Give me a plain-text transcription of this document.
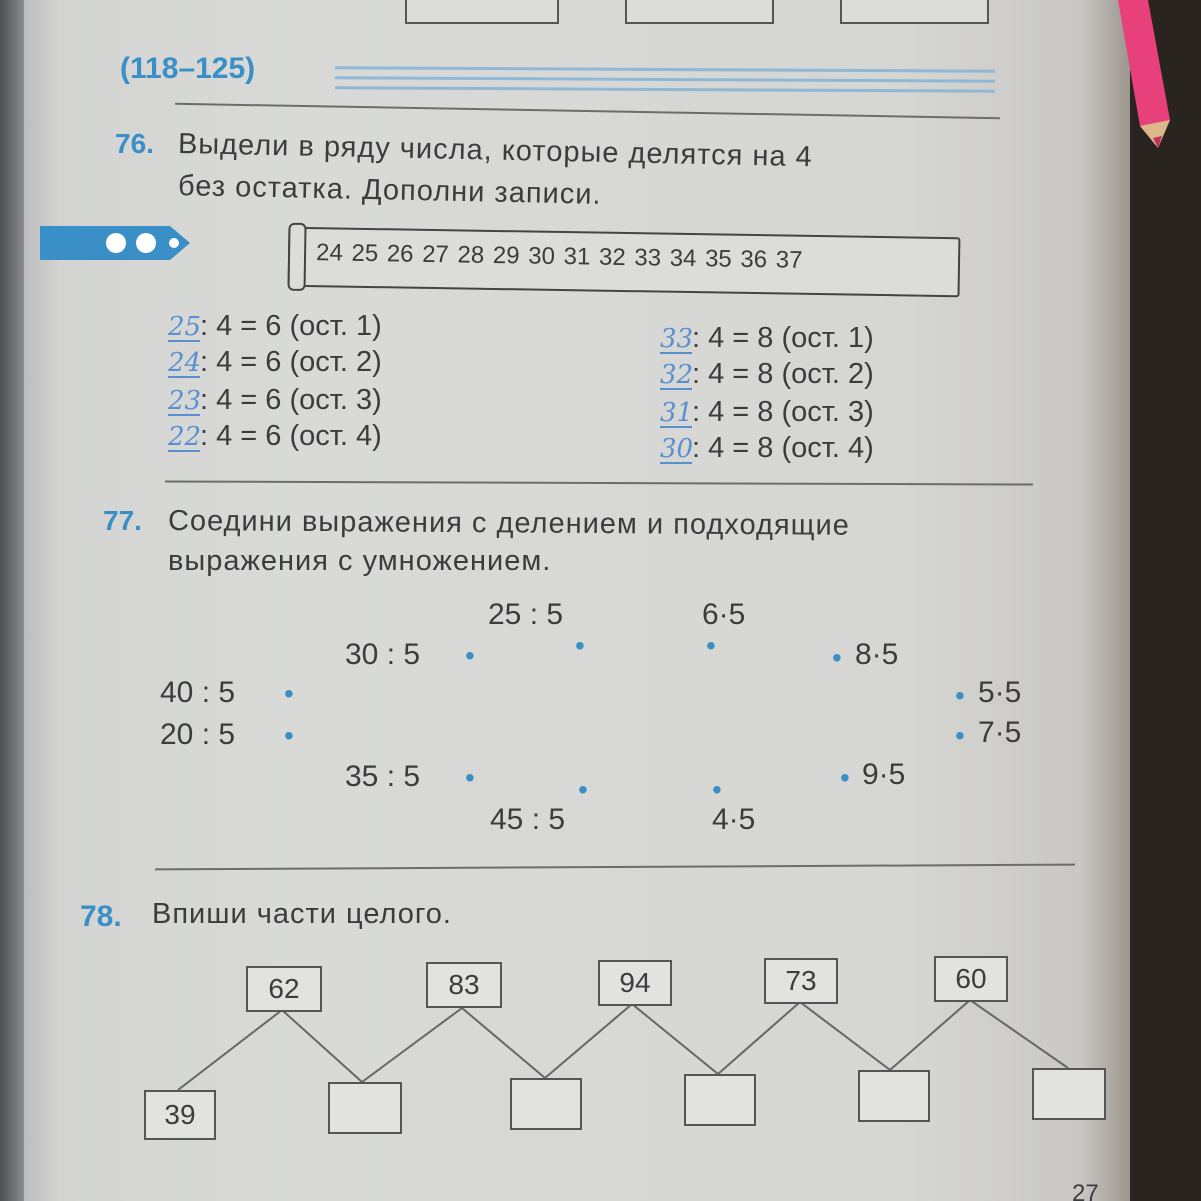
(118–125)
76. Выдели в ряду числа, которые делятся на 4
без остатка. Дополни записи.
24 25 26 27 28 29 30 31 32 33 34 35 36 37
25: 4 = 6 (ост. 1)
24: 4 = 6 (ост. 2)
23: 4 = 6 (ост. 3)
22: 4 = 6 (ост. 4)
33: 4 = 8 (ост. 1)
32: 4 = 8 (ост. 2)
31: 4 = 8 (ост. 3)
30: 4 = 8 (ост. 4)
77. Соедини выражения с делением и подходящие
выражения с умножением.
25 : 5
•
30 : 5 •
40 : 5 •
20 : 5 •
35 : 5 •	•
45 : 5
6·5
•	• 8·5
• 5·5
• 7·5
• 9·5
•
4·5
78. Впиши части целого.
62	83	94	73	60
39
27
